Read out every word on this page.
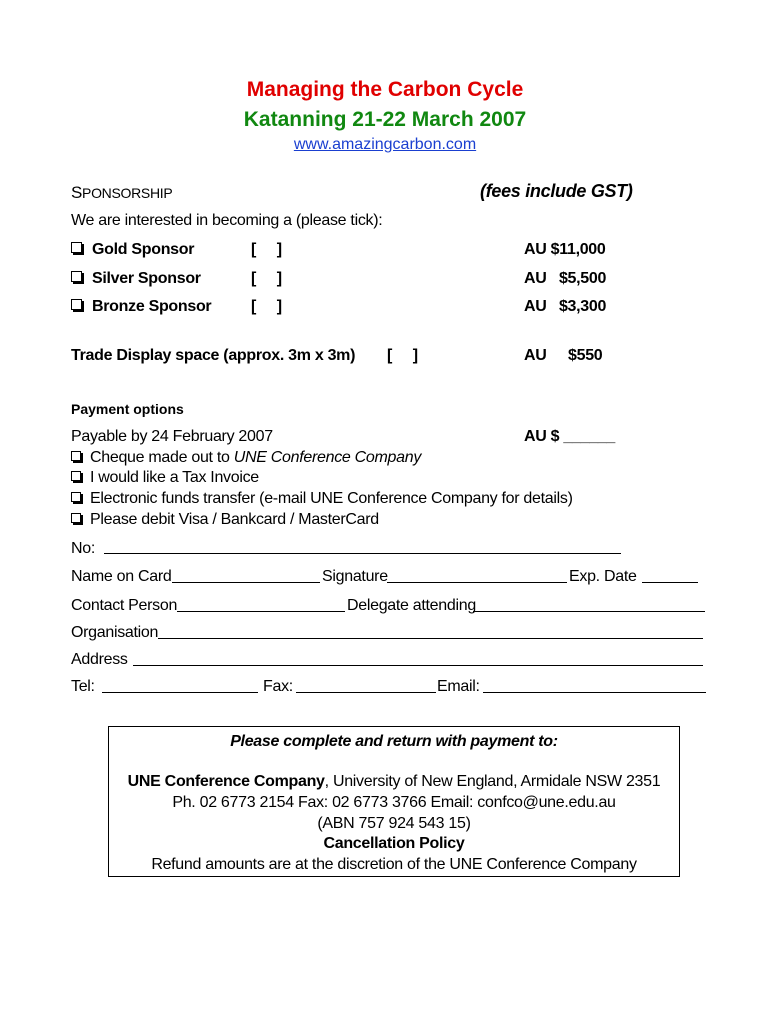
Managing the Carbon Cycle
Katanning 21-22 March 2007
www.amazingcarbon.com
SPONSORSHIP	(fees include GST)
We are interested in becoming a (please tick):
Gold Sponsor	[     ]	AU $11,000
Silver Sponsor	[     ]	AU   $5,500
Bronze Sponsor [     ]	AU   $3,300
Trade Display space (approx. 3m x 3m) [     ]	AU $550
Payment options
Payable by 24 February 2007	AU $ ______
Cheque made out to UNE Conference Company
I would like a Tax Invoice
Electronic funds transfer (e-mail UNE Conference Company for details)
Please debit Visa / Bankcard / MasterCard
No:
Name on Card	Signature	Exp. Date
Contact Person	Delegate attending
Organisation
Address
Tel:	Fax:	Email:
Please complete and return with payment to:
UNE Conference Company, University of New England, Armidale NSW 2351
Ph. 02 6773 2154 Fax: 02 6773 3766 Email: confco@une.edu.au
(ABN 757 924 543 15)
Cancellation Policy
Refund amounts are at the discretion of the UNE Conference Company
